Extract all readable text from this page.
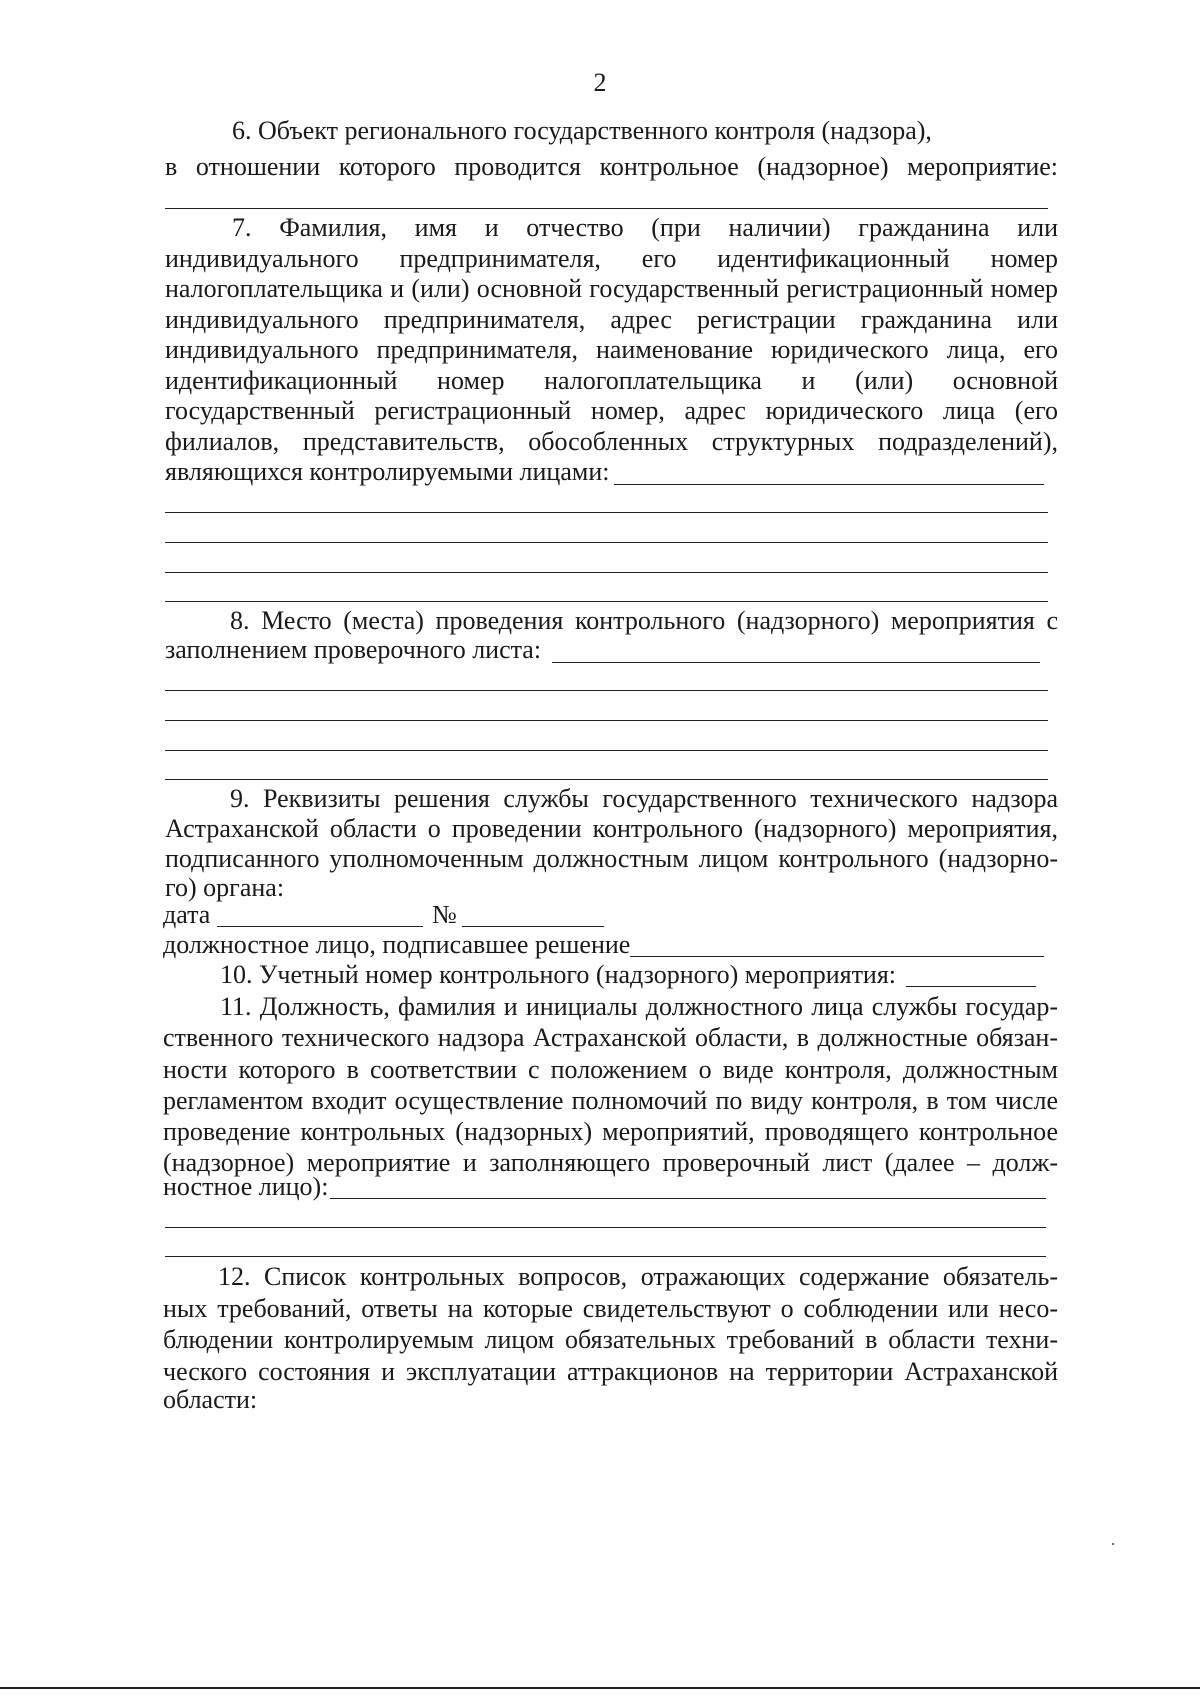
2
6. Объект регионального государственного контроля (надзора),
в отношении которого проводится контрольное (надзорное) мероприятие:
7. Фамилия, имя и отчество (при наличии) гражданина или
индивидуального предпринимателя, его идентификационный номер
налогоплательщика и (или) основной государственный регистрационный номер
индивидуального предпринимателя, адрес регистрации гражданина или
индивидуального предпринимателя, наименование юридического лица, его
идентификационный номер налогоплательщика и (или) основной
государственный регистрационный номер, адрес юридического лица (его
филиалов, представительств, обособленных структурных подразделений),
являющихся контролируемыми лицами:
8. Место (места) проведения контрольного (надзорного) мероприятия с
заполнением проверочного листа:
9. Реквизиты решения службы государственного технического надзора
Астраханской области о проведении контрольного (надзорного) мероприятия,
подписанного уполномоченным должностным лицом контрольного (надзорно-
го) органа:
дата	№
должностное лицо, подписавшее решение
10. Учетный номер контрольного (надзорного) мероприятия:
11. Должность, фамилия и инициалы должностного лица службы государ-
ственного технического надзора Астраханской области, в должностные обязан-
ности которого в соответствии с положением о виде контроля, должностным
регламентом входит осуществление полномочий по виду контроля, в том числе
проведение контрольных (надзорных) мероприятий, проводящего контрольное
(надзорное) мероприятие и заполняющего проверочный лист (далее – долж-
ностное лицо):
12. Список контрольных вопросов, отражающих содержание обязатель-
ных требований, ответы на которые свидетельствуют о соблюдении или несо-
блюдении контролируемым лицом обязательных требований в области техни-
ческого состояния и эксплуатации аттракционов на территории Астраханской
области:
